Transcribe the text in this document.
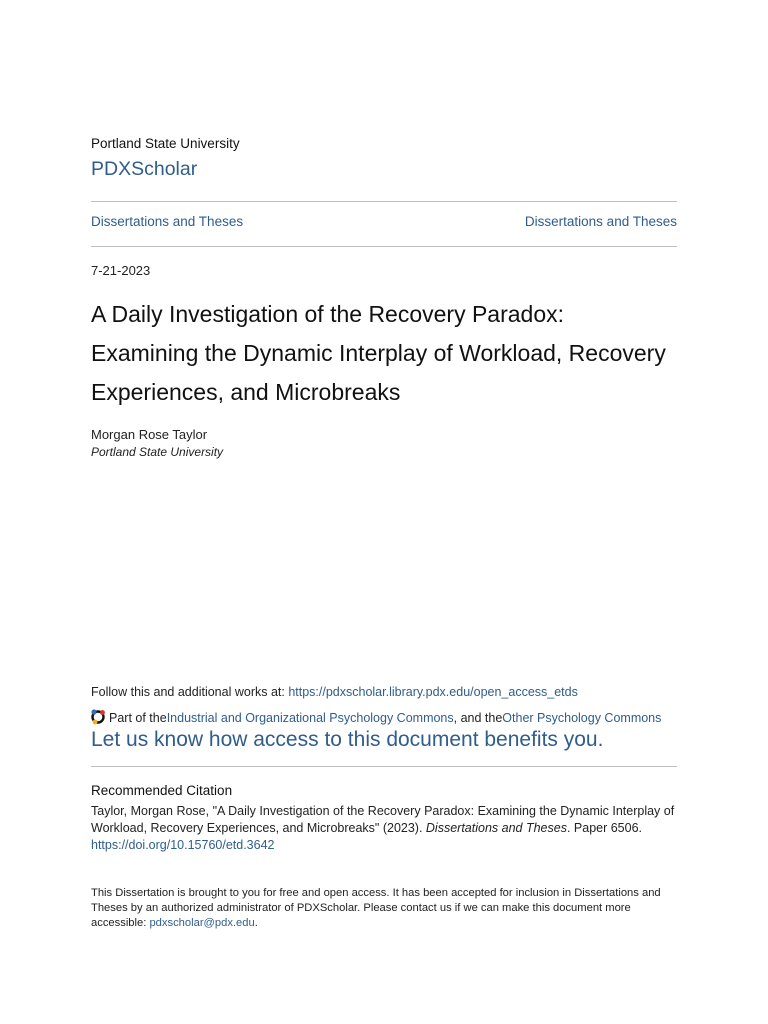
Portland State University
PDXScholar
Dissertations and Theses	Dissertations and Theses
7-21-2023
A Daily Investigation of the Recovery Paradox: Examining the Dynamic Interplay of Workload, Recovery Experiences, and Microbreaks
Morgan Rose Taylor
Portland State University
Follow this and additional works at: https://pdxscholar.library.pdx.edu/open_access_etds
Part of the Industrial and Organizational Psychology Commons , and the Other Psychology Commons
Let us know how access to this document benefits you.
Recommended Citation
Taylor, Morgan Rose, "A Daily Investigation of the Recovery Paradox: Examining the Dynamic Interplay of Workload, Recovery Experiences, and Microbreaks" (2023). Dissertations and Theses. Paper 6506.
https://doi.org/10.15760/etd.3642
This Dissertation is brought to you for free and open access. It has been accepted for inclusion in Dissertations and Theses by an authorized administrator of PDXScholar. Please contact us if we can make this document more accessible: pdxscholar@pdx.edu.
